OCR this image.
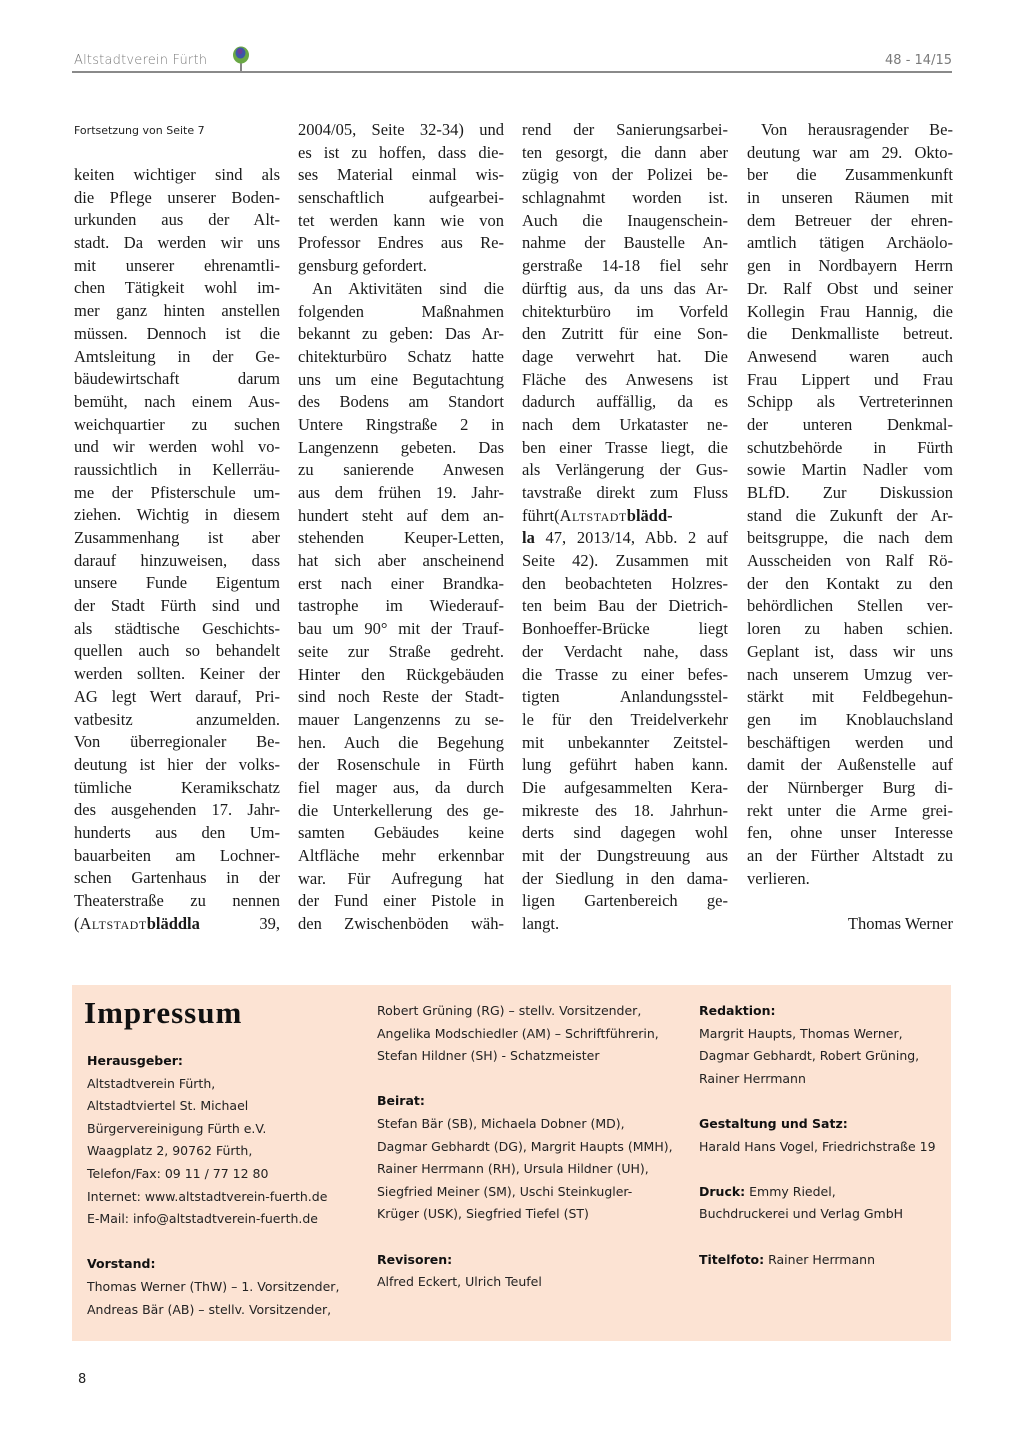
Altstadtverein Fürth	48 - 14/15
Fortsetzung von Seite 7
keiten wichtiger sind als
die Pflege unserer Boden-
urkunden aus der Alt-
stadt. Da werden wir uns
mit unserer ehrenamtli-
chen Tätigkeit wohl im-
mer ganz hinten anstellen
müssen. Dennoch ist die
Amtsleitung in der Ge-
bäudewirtschaft darum
bemüht, nach einem Aus-
weichquartier zu suchen
und wir werden wohl vo-
raussichtlich in Kellerräu-
me der Pfisterschule um-
ziehen. Wichtig in diesem
Zusammenhang ist aber
darauf hinzuweisen, dass
unsere Funde Eigentum
der Stadt Fürth sind und
als städtische Geschichts-
quellen auch so behandelt
werden sollten. Keiner der
AG legt Wert darauf, Pri-
vatbesitz anzumelden.
Von überregionaler Be-
deutung ist hier der volks-
tümliche Keramikschatz
des ausgehenden 17. Jahr-
hunderts aus den Um-
bauarbeiten am Lochner-
schen Gartenhaus in der
Theaterstraße zu nennen
(Altstadtbläddla 39,
2004/05, Seite 32-34) und
es ist zu hoffen, dass die-
ses Material einmal wis-
senschaftlich aufgearbei-
tet werden kann wie von
Professor Endres aus Re-
gensburg gefordert.
An Aktivitäten sind die
folgenden Maßnahmen
bekannt zu geben: Das Ar-
chitekturbüro Schatz hatte
uns um eine Begutachtung
des Bodens am Standort
Untere Ringstraße 2 in
Langenzenn gebeten. Das
zu sanierende Anwesen
aus dem frühen 19. Jahr-
hundert steht auf dem an-
stehenden Keuper-Letten,
hat sich aber anscheinend
erst nach einer Brandka-
tastrophe im Wiederauf-
bau um 90° mit der Trauf-
seite zur Straße gedreht.
Hinter den Rückgebäuden
sind noch Reste der Stadt-
mauer Langenzenns zu se-
hen. Auch die Begehung
der Rosenschule in Fürth
fiel mager aus, da durch
die Unterkellerung des ge-
samten Gebäudes keine
Altfläche mehr erkennbar
war. Für Aufregung hat
der Fund einer Pistole in
den Zwischenböden wäh-
rend der Sanierungsarbei-
ten gesorgt, die dann aber
zügig von der Polizei be-
schlagnahmt worden ist.
Auch die Inaugenschein-
nahme der Baustelle An-
gerstraße 14-18 fiel sehr
dürftig aus, da uns das Ar-
chitekturbüro im Vorfeld
den Zutritt für eine Son-
dage verwehrt hat. Die
Fläche des Anwesens ist
dadurch auffällig, da es
nach dem Urkataster ne-
ben einer Trasse liegt, die
als Verlängerung der Gus-
tavstraße direkt zum Fluss
führt(Altstadtblädd-
la 47, 2013/14, Abb. 2 auf
Seite 42). Zusammen mit
den beobachteten Holzres-
ten beim Bau der Dietrich-
Bonhoeffer-Brücke liegt
der Verdacht nahe, dass
die Trasse zu einer befes-
tigten Anlandungsstel-
le für den Treidelverkehr
mit unbekannter Zeitstel-
lung geführt haben kann.
Die aufgesammelten Kera-
mikreste des 18. Jahrhun-
derts sind dagegen wohl
mit der Dungstreuung aus
der Siedlung in den dama-
ligen Gartenbereich ge-
langt.
Von herausragender Be-
deutung war am 29. Okto-
ber die Zusammenkunft
in unseren Räumen mit
dem Betreuer der ehren-
amtlich tätigen Archäolo-
gen in Nordbayern Herrn
Dr. Ralf Obst und seiner
Kollegin Frau Hannig, die
die Denkmalliste betreut.
Anwesend waren auch
Frau Lippert und Frau
Schipp als Vertreterinnen
der unteren Denkmal-
schutzbehörde in Fürth
sowie Martin Nadler vom
BLfD. Zur Diskussion
stand die Zukunft der Ar-
beitsgruppe, die nach dem
Ausscheiden von Ralf Rö-
der den Kontakt zu den
behördlichen Stellen ver-
loren zu haben schien.
Geplant ist, dass wir uns
nach unserem Umzug ver-
stärkt mit Feldbegehun-
gen im Knoblauchsland
beschäftigen werden und
damit der Außenstelle auf
der Nürnberger Burg di-
rekt unter die Arme grei-
fen, ohne unser Interesse
an der Fürther Altstadt zu
verlieren.
Thomas Werner
Impressum
Herausgeber:
Altstadtverein Fürth,
Altstadtviertel St. Michael
Bürgervereinigung Fürth e.V.
Waagplatz 2, 90762 Fürth,
Telefon/Fax: 09 11 / 77 12 80
Internet: www.altstadtverein-fuerth.de
E-Mail: info@altstadtverein-fuerth.de
Vorstand:
Thomas Werner (ThW) – 1. Vorsitzender,
Andreas Bär (AB) – stellv. Vorsitzender,
Robert Grüning (RG) – stellv. Vorsitzender,
Angelika Modschiedler (AM) – Schriftführerin,
Stefan Hildner (SH) - Schatzmeister
Beirat:
Stefan Bär (SB), Michaela Dobner (MD),
Dagmar Gebhardt (DG), Margrit Haupts (MMH),
Rainer Herrmann (RH), Ursula Hildner (UH),
Siegfried Meiner (SM), Uschi Steinkugler-
Krüger (USK), Siegfried Tiefel (ST)
Revisoren:
Alfred Eckert, Ulrich Teufel
Redaktion:
Margrit Haupts, Thomas Werner,
Dagmar Gebhardt, Robert Grüning,
Rainer Herrmann
Gestaltung und Satz:
Harald Hans Vogel, Friedrichstraße 19
Druck: Emmy Riedel,
Buchdruckerei und Verlag GmbH
Titelfoto: Rainer Herrmann
8
